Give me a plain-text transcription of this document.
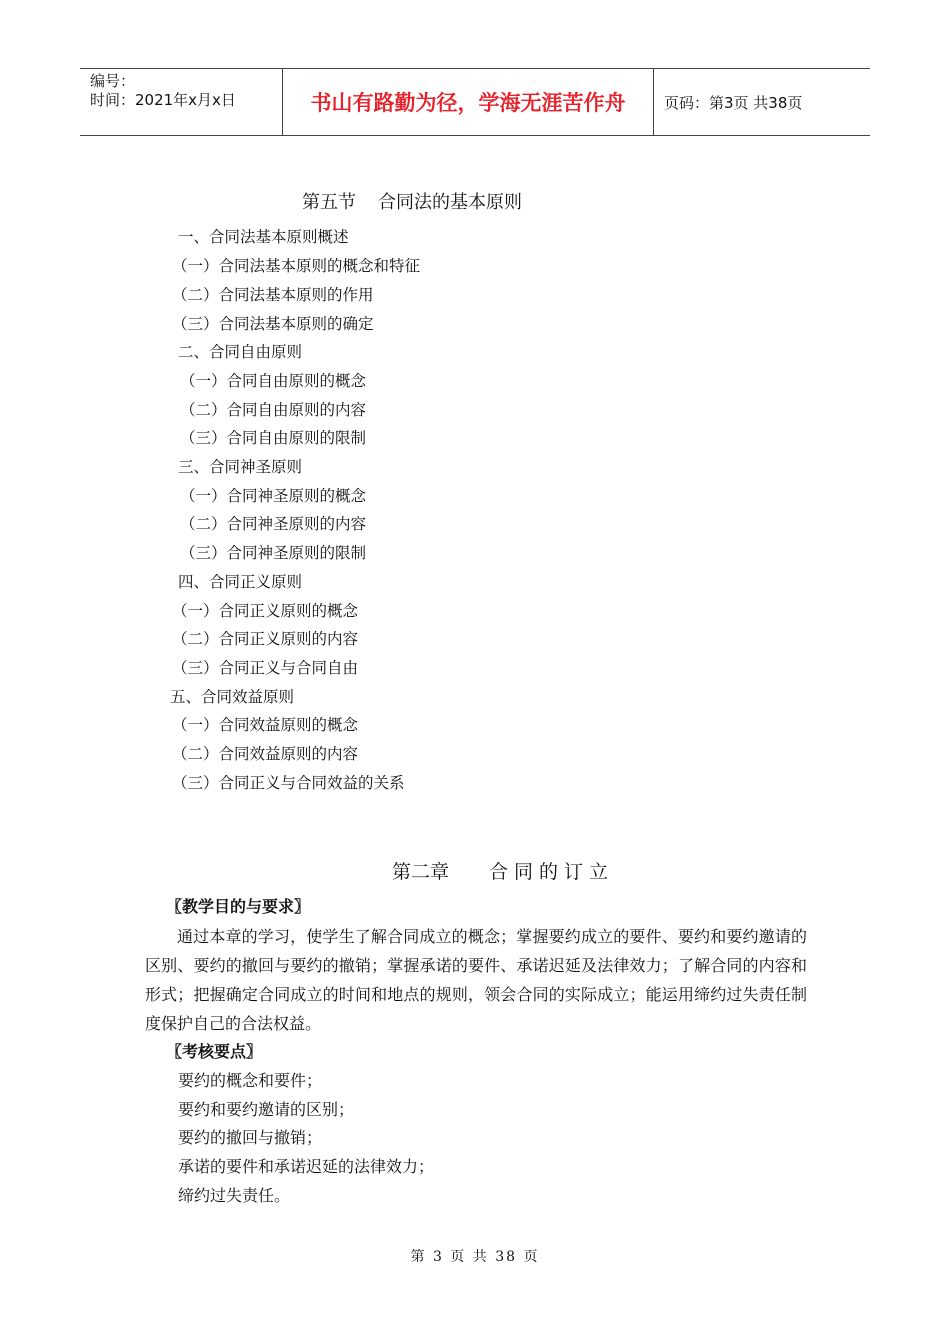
编号：
时间：2021年x月x日	书山有路勤为径，学海无涯苦作舟	页码：第3页 共38页
第五节 合同法的基本原则
一、合同法基本原则概述
（一）合同法基本原则的概念和特征
（二）合同法基本原则的作用
（三）合同法基本原则的确定
二、合同自由原则
（一）合同自由原则的概念
（二）合同自由原则的内容
（三）合同自由原则的限制
三、合同神圣原则
（一）合同神圣原则的概念
（二）合同神圣原则的内容
（三）合同神圣原则的限制
四、合同正义原则
（一）合同正义原则的概念
（二）合同正义原则的内容
（三）合同正义与合同自由
五、合同效益原则
（一）合同效益原则的概念
（二）合同效益原则的内容
（三）合同正义与合同效益的关系
第二章 合同的订立
〖教学目的与要求〗
通过本章的学习，使学生了解合同成立的概念；掌握要约成立的要件、要约和要约邀请的区别、要约的撤回与要约的撤销；掌握承诺的要件、承诺迟延及法律效力；了解合同的内容和形式；把握确定合同成立的时间和地点的规则，领会合同的实际成立；能运用缔约过失责任制度保护自己的合法权益。
〖考核要点〗
要约的概念和要件；
要约和要约邀请的区别；
要约的撤回与撤销；
承诺的要件和承诺迟延的法律效力；
缔约过失责任。
第 3 页 共 38 页
